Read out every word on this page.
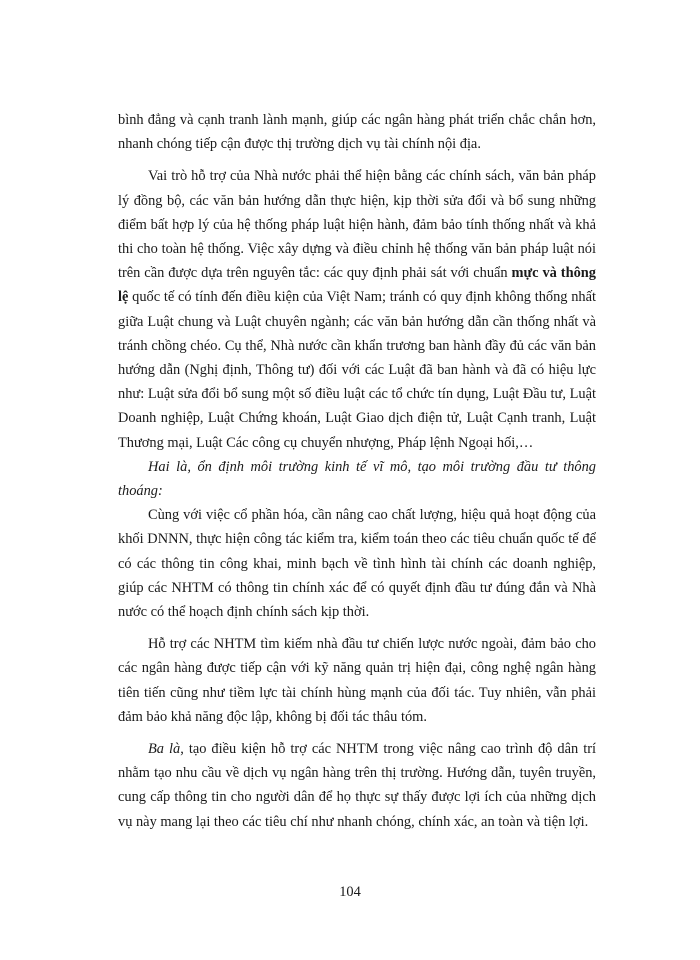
bình đẳng và cạnh tranh lành mạnh, giúp các ngân hàng phát triển chắc chắn hơn, nhanh chóng tiếp cận được thị trường dịch vụ tài chính nội địa.

Vai trò hỗ trợ của Nhà nước phải thể hiện bằng các chính sách, văn bản pháp lý đồng bộ, các văn bản hướng dẫn thực hiện, kịp thời sửa đổi và bổ sung những điểm bất hợp lý của hệ thống pháp luật hiện hành, đảm bảo tính thống nhất và khả thi cho toàn hệ thống. Việc xây dựng và điều chỉnh hệ thống văn bản pháp luật nói trên cần được dựa trên nguyên tắc: các quy định phải sát với chuẩn mực và thông lệ quốc tế có tính đến điều kiện của Việt Nam; tránh có quy định không thống nhất giữa Luật chung và Luật chuyên ngành; các văn bản hướng dẫn cần thống nhất và tránh chồng chéo. Cụ thể, Nhà nước cần khẩn trương ban hành đầy đủ các văn bản hướng dẫn (Nghị định, Thông tư) đối với các Luật đã ban hành và đã có hiệu lực như: Luật sửa đổi bổ sung một số điều luật các tổ chức tín dụng, Luật Đầu tư, Luật Doanh nghiệp, Luật Chứng khoán, Luật Giao dịch điện tử, Luật Cạnh tranh, Luật Thương mại, Luật Các công cụ chuyển nhượng, Pháp lệnh Ngoại hối,…

Hai là, ổn định môi trường kinh tế vĩ mô, tạo môi trường đầu tư thông thoáng:

Cùng với việc cổ phần hóa, cần nâng cao chất lượng, hiệu quả hoạt động của khối DNNN, thực hiện công tác kiểm tra, kiểm toán theo các tiêu chuẩn quốc tế để có các thông tin công khai, minh bạch về tình hình tài chính các doanh nghiệp, giúp các NHTM có thông tin chính xác để có quyết định đầu tư đúng đắn và Nhà nước có thể hoạch định chính sách kịp thời.

Hỗ trợ các NHTM tìm kiếm nhà đầu tư chiến lược nước ngoài, đảm bảo cho các ngân hàng được tiếp cận với kỹ năng quản trị hiện đại, công nghệ ngân hàng tiên tiến cũng như tiềm lực tài chính hùng mạnh của đối tác. Tuy nhiên, vẫn phải đảm bảo khả năng độc lập, không bị đối tác thâu tóm.

Ba là, tạo điều kiện hỗ trợ các NHTM trong việc nâng cao trình độ dân trí nhằm tạo nhu cầu về dịch vụ ngân hàng trên thị trường. Hướng dẫn, tuyên truyền, cung cấp thông tin cho người dân để họ thực sự thấy được lợi ích của những dịch vụ này mang lại theo các tiêu chí như nhanh chóng, chính xác, an toàn và tiện lợi.

104
